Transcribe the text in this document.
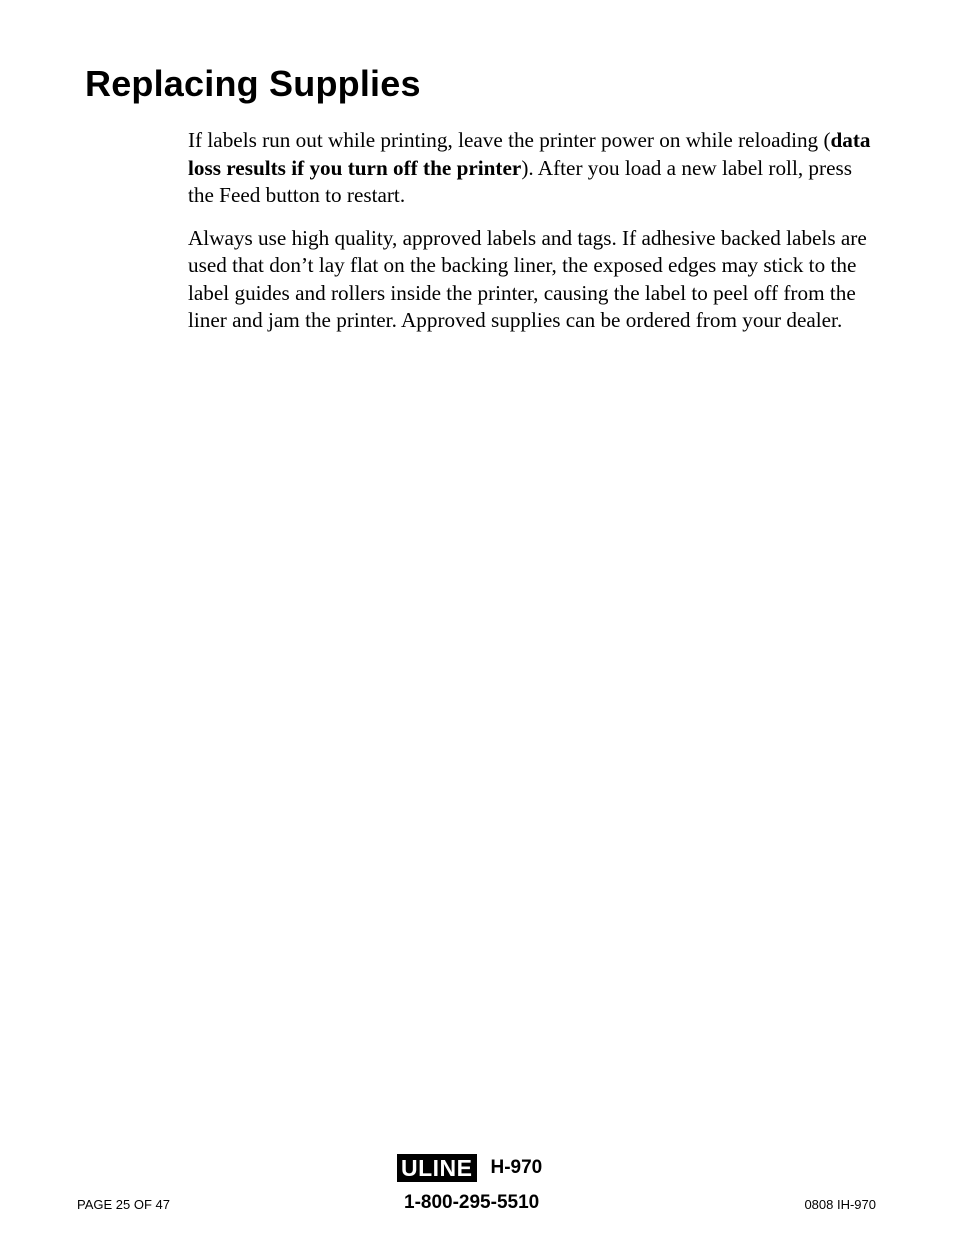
Replacing Supplies

If labels run out while printing, leave the printer power on while reloading (data loss results if you turn off the printer). After you load a new label roll, press the Feed button to restart.

Always use high quality, approved labels and tags. If adhesive backed labels are used that don’t lay flat on the backing liner, the exposed edges may stick to the label guides and rollers inside the printer, causing the label to peel off from the liner and jam the printer. Approved supplies can be ordered from your dealer.

ULINE H-970
1-800-295-5510
PAGE 25 OF 47	0808 IH-970
